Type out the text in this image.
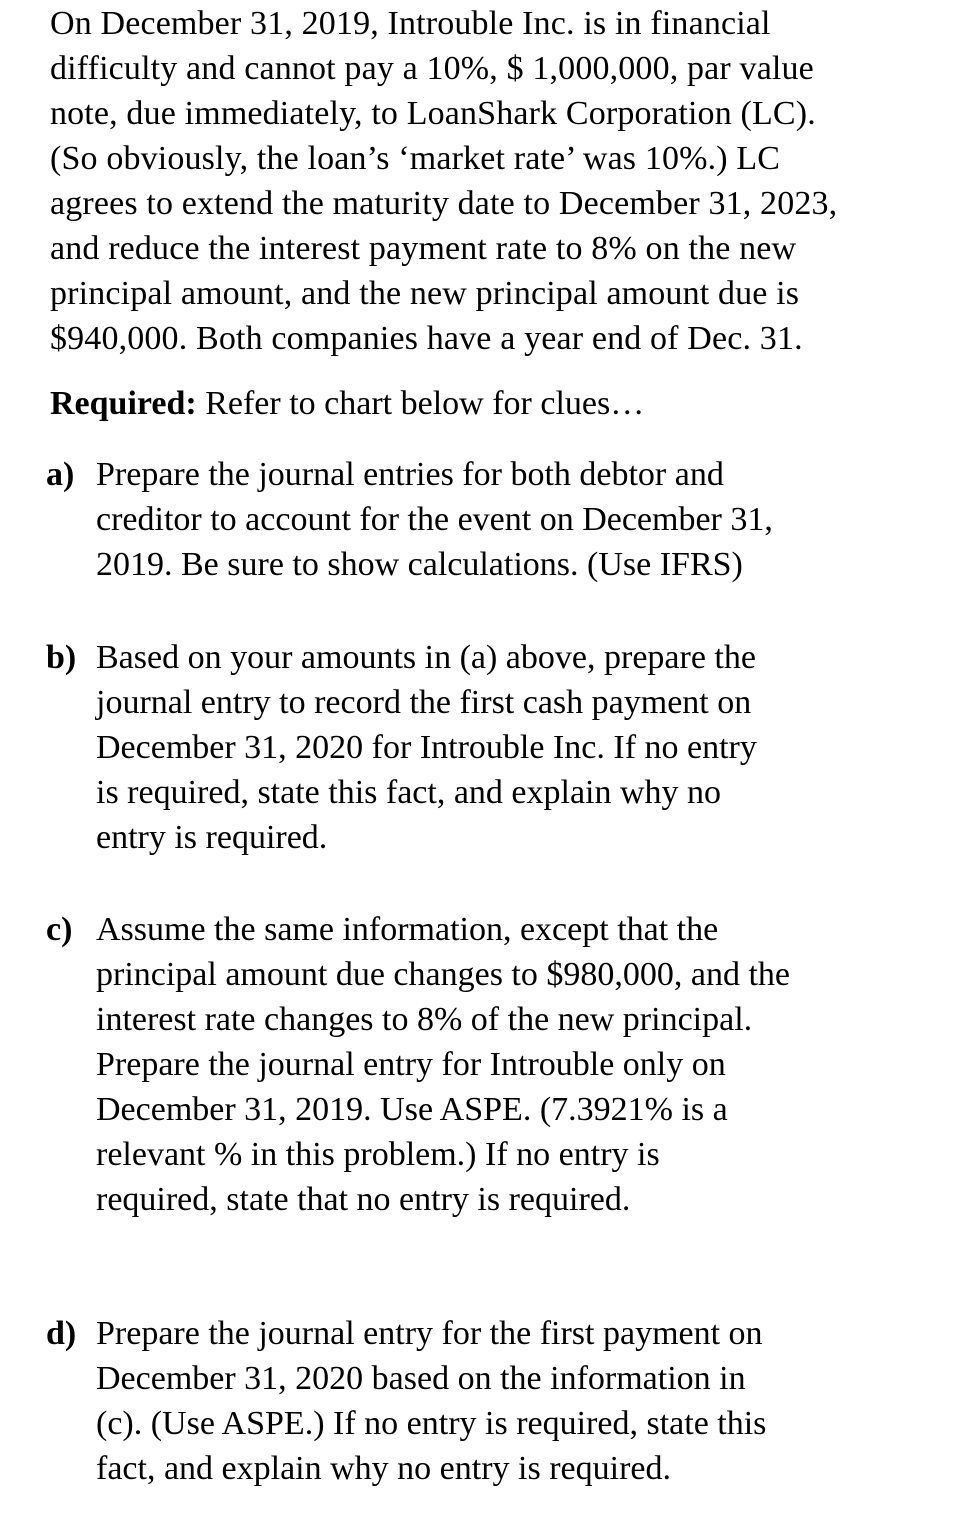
On December 31, 2019, Introuble Inc. is in financial
difficulty and cannot pay a 10%, $ 1,000,000, par value
note, due immediately, to LoanShark Corporation (LC).
(So obviously, the loan’s ‘market rate’ was 10%.) LC
agrees to extend the maturity date to December 31, 2023,
and reduce the interest payment rate to 8% on the new
principal amount, and the new principal amount due is
$940,000. Both companies have a year end of Dec. 31.

Required: Refer to chart below for clues…

a) Prepare the journal entries for both debtor and
creditor to account for the event on December 31,
2019. Be sure to show calculations. (Use IFRS)
b) Based on your amounts in (a) above, prepare the
journal entry to record the first cash payment on
December 31, 2020 for Introuble Inc. If no entry
is required, state this fact, and explain why no
entry is required.
c) Assume the same information, except that the
principal amount due changes to $980,000, and the
interest rate changes to 8% of the new principal.
Prepare the journal entry for Introuble only on
December 31, 2019. Use ASPE. (7.3921% is a
relevant % in this problem.) If no entry is
required, state that no entry is required.
d) Prepare the journal entry for the first payment on
December 31, 2020 based on the information in
(c). (Use ASPE.) If no entry is required, state this
fact, and explain why no entry is required.
